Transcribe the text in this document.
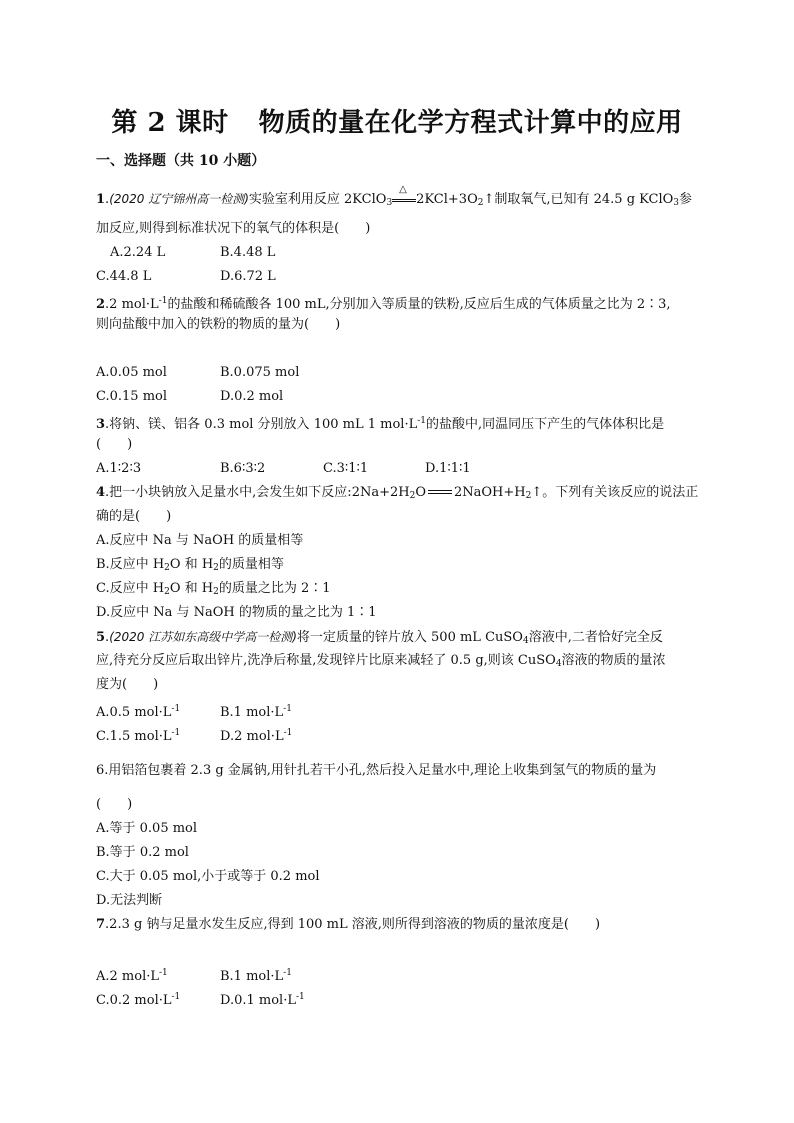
第 2 课时 物质的量在化学方程式计算中的应用
一、选择题（共 10 小题）
1.(2020 辽宁锦州高一检测)实验室利用反应 2KClO$_3$
△
$2KCl+3O_2↑$制取氧气,已知有 24.5 g KClO$_3$参
加反应,则得到标准状况下的氧气的体积是(　　)
A.2.24 L	B.4.48 L
C.44.8 L	D.6.72 L
2.2 $mol\cdot L^{-1}$的盐酸和稀硫酸各 100 mL,分别加入等质量的铁粉,反应后生成的气体质量之比为 2∶3,
则向盐酸中加入的铁粉的物质的量为(　　)
A.0.05 mol	B.0.075 mol
C.0.15 mol	D.0.2 mol
3.将钠、镁、铝各 0.3 mol 分别放入 100 mL 1 $mol\cdot L^{-1}$的盐酸中,同温同压下产生的气体体积比是
(　　)
A.1∶2∶3	B.6∶3∶2	C.3∶1∶1	D.1∶1∶1
4.把一小块钠放入足量水中,会发生如下反应$:2Na+2H_2O$ $2NaOH+H_2↑$。下列有关该反应的说法正
确的是(　　)
A.反应中 Na 与 NaOH 的质量相等
B.反应中 $H_2O$ 和 $H_2$的质量相等
C.反应中 $H_2O$ 和 $H_2$的质量之比为 2∶1
D.反应中 Na 与 NaOH 的物质的量之比为 1∶1
5.(2020 江苏如东高级中学高一检测)将一定质量的锌片放入 500 mL CuSO$_4$溶液中,二者恰好完全反
应,待充分反应后取出锌片,洗净后称量,发现锌片比原来减轻了 0.5 g,则该 CuSO$_4$溶液的物质的量浓
度为(　　)
A.0.5 $mol\cdot L^{-1}$	B.1 $mol\cdot L^{-1}$
C.1.5 $mol\cdot L^{-1}$	D.2 $mol\cdot L^{-1}$
6.用铝箔包裹着 2.3 g 金属钠,用针扎若干小孔,然后投入足量水中,理论上收集到氢气的物质的量为
(　　)
A.等于 0.05 mol
B.等于 0.2 mol
C.大于 0.05 mol,小于或等于 0.2 mol
D.无法判断
7.2.3 g 钠与足量水发生反应,得到 100 mL 溶液,则所得到溶液的物质的量浓度是(　　)
A.2 $mol\cdot L^{-1}$	B.1 $mol\cdot L^{-1}$
C.0.2 $mol\cdot L^{-1}$	D.0.1 $mol\cdot L^{-1}$
